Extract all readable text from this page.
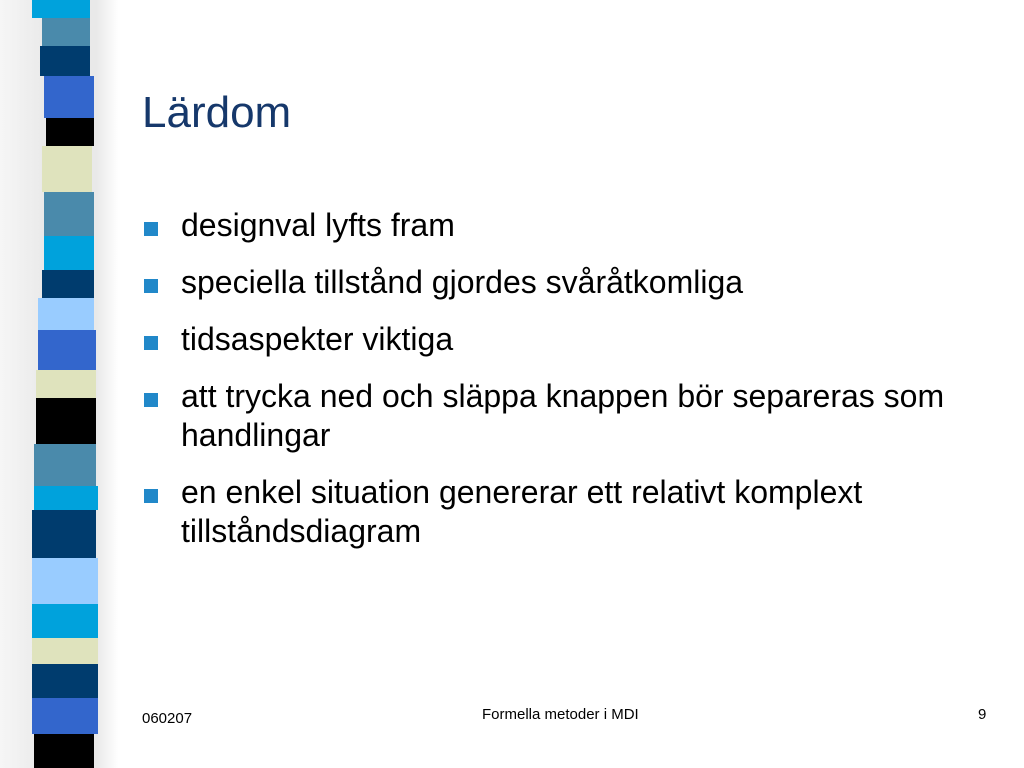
Lärdom
designval lyfts fram
speciella tillstånd gjordes svåråtkomliga
tidsaspekter viktiga
att trycka ned och släppa knappen bör separeras som handlingar
en enkel situation genererar ett relativt komplext tillståndsdiagram
060207	Formella metoder i MDI	9
